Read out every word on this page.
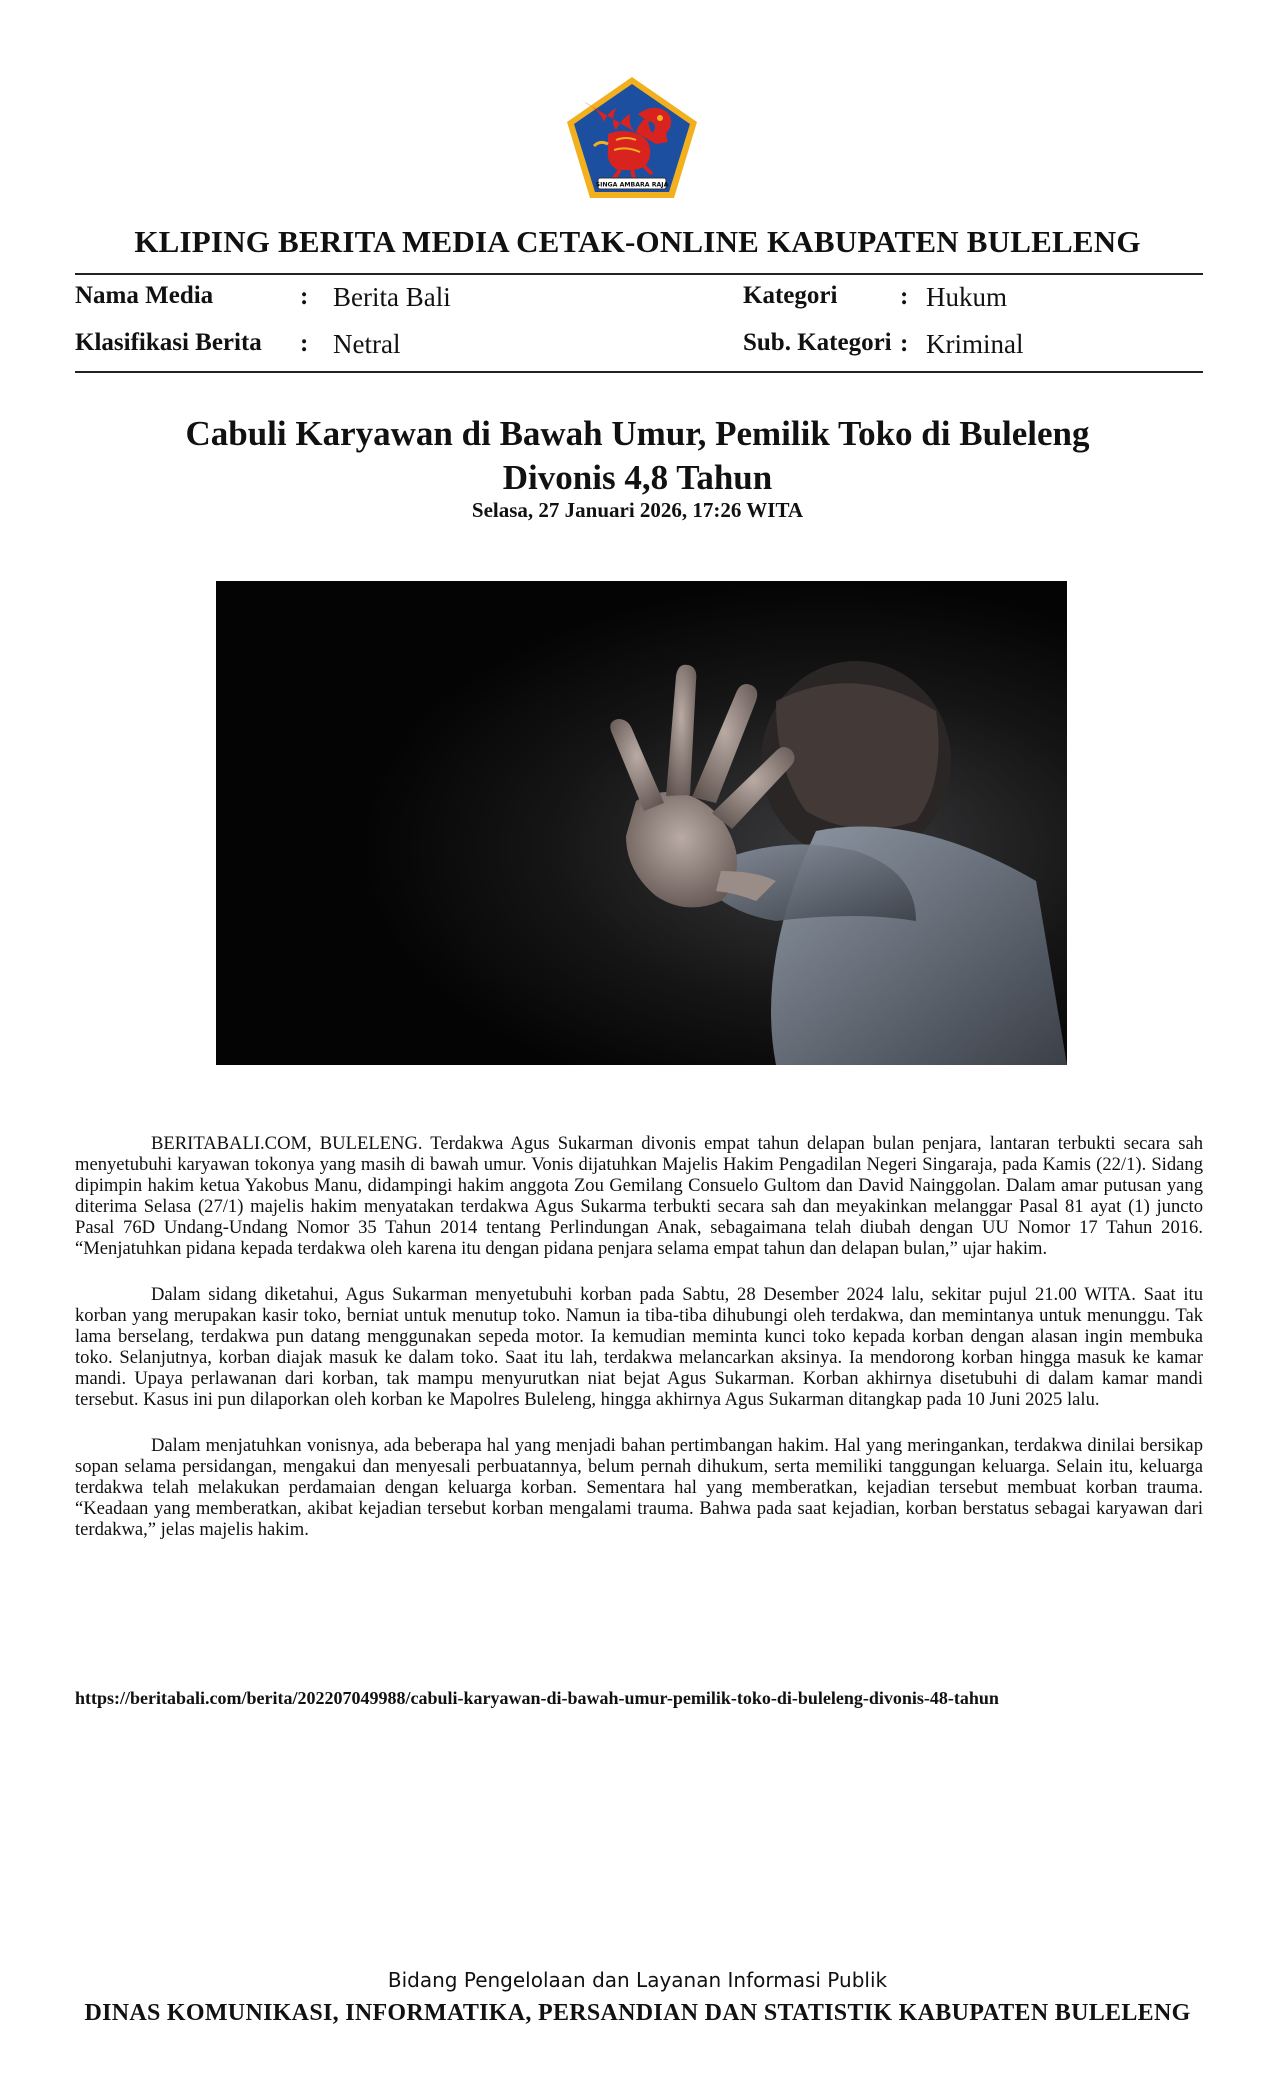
SINGA AMBARA RAJA
KLIPING BERITA MEDIA CETAK-ONLINE KABUPATEN BULELENG
Nama Media	: Berita Bali
Klasifikasi Berita : Netral
Kategori	: Hukum
Sub. Kategori : Kriminal
Cabuli Karyawan di Bawah Umur, Pemilik Toko di Buleleng
Divonis 4,8 Tahun
Selasa, 27 Januari 2026, 17:26 WITA

BERITABALI.COM, BULELENG. Terdakwa Agus Sukarman divonis empat tahun delapan bulan penjara, lantaran terbukti secara sah menyetubuhi karyawan tokonya yang masih di bawah umur. Vonis dijatuhkan Majelis Hakim Pengadilan Negeri Singaraja, pada Kamis (22/1). Sidang dipimpin hakim ketua Yakobus Manu, didampingi hakim anggota Zou Gemilang Consuelo Gultom dan David Nainggolan. Dalam amar putusan yang diterima Selasa (27/1) majelis hakim menyatakan terdakwa Agus Sukarma terbukti secara sah dan meyakinkan melanggar Pasal 81 ayat (1) juncto Pasal 76D Undang-Undang Nomor 35 Tahun 2014 tentang Perlindungan Anak, sebagaimana telah diubah dengan UU Nomor 17 Tahun 2016. “Menjatuhkan pidana kepada terdakwa oleh karena itu dengan pidana penjara selama empat tahun dan delapan bulan,” ujar hakim.

Dalam sidang diketahui, Agus Sukarman menyetubuhi korban pada Sabtu, 28 Desember 2024 lalu, sekitar pujul 21.00 WITA. Saat itu korban yang merupakan kasir toko, berniat untuk menutup toko. Namun ia tiba-tiba dihubungi oleh terdakwa, dan memintanya untuk menunggu. Tak lama berselang, terdakwa pun datang menggunakan sepeda motor. Ia kemudian meminta kunci toko kepada korban dengan alasan ingin membuka toko. Selanjutnya, korban diajak masuk ke dalam toko. Saat itu lah, terdakwa melancarkan aksinya. Ia mendorong korban hingga masuk ke kamar mandi. Upaya perlawanan dari korban, tak mampu menyurutkan niat bejat Agus Sukarman. Korban akhirnya disetubuhi di dalam kamar mandi tersebut. Kasus ini pun dilaporkan oleh korban ke Mapolres Buleleng, hingga akhirnya Agus Sukarman ditangkap pada 10 Juni 2025 lalu.

Dalam menjatuhkan vonisnya, ada beberapa hal yang menjadi bahan pertimbangan hakim. Hal yang meringankan, terdakwa dinilai bersikap sopan selama persidangan, mengakui dan menyesali perbuatannya, belum pernah dihukum, serta memiliki tanggungan keluarga. Selain itu, keluarga terdakwa telah melakukan perdamaian dengan keluarga korban. Sementara hal yang memberatkan, kejadian tersebut membuat korban trauma. “Keadaan yang memberatkan, akibat kejadian tersebut korban mengalami trauma. Bahwa pada saat kejadian, korban berstatus sebagai karyawan dari terdakwa,” jelas majelis hakim.

https://beritabali.com/berita/202207049988/cabuli-karyawan-di-bawah-umur-pemilik-toko-di-buleleng-divonis-48-tahun
Bidang Pengelolaan dan Layanan Informasi Publik
DINAS KOMUNIKASI, INFORMATIKA, PERSANDIAN DAN STATISTIK KABUPATEN BULELENG
